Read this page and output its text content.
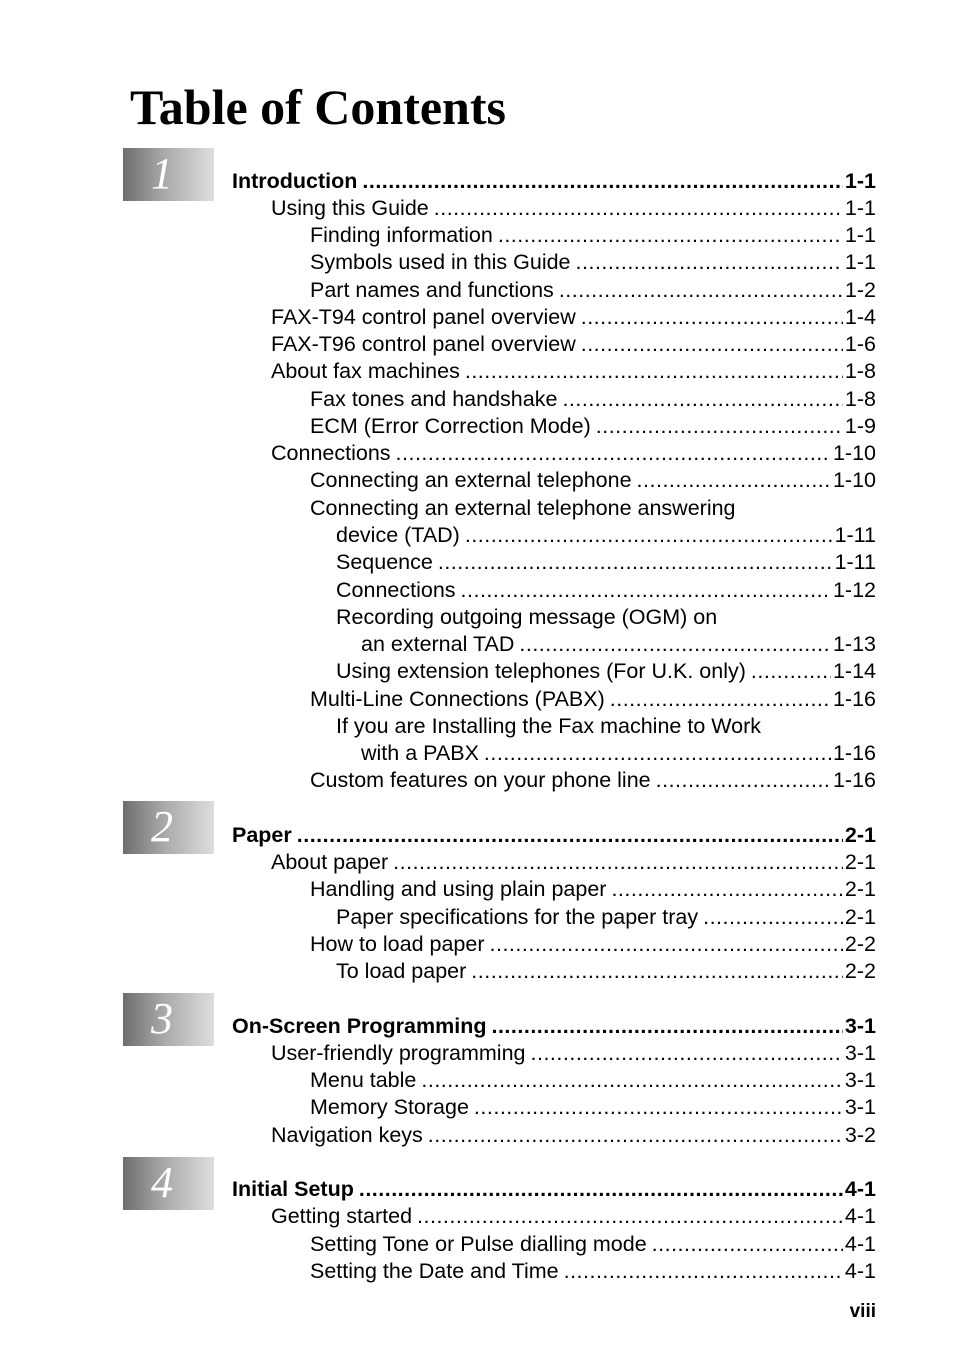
Table of Contents
1
2
3
4
Introduction .....	1-1
Using this Guide .....	1-1
Finding information .....	1-1
Symbols used in this Guide .....	1-1
Part names and functions .....	1-2
FAX-T94 control panel overview .....	1-4
FAX-T96 control panel overview .....	1-6
About fax machines .....	1-8
Fax tones and handshake .....	1-8
ECM (Error Correction Mode) .....	1-9
Connections .....	1-10
Connecting an external telephone .....	1-10
Connecting an external telephone answering
device (TAD) .....	1-11
Sequence .....	1-11
Connections .....	1-12
Recording outgoing message (OGM) on
an external TAD .....	1-13
Using extension telephones (For U.K. only) .....	1-14
Multi-Line Connections (PABX) .....	1-16
If you are Installing the Fax machine to Work
with a PABX .....	1-16
Custom features on your phone line .....	1-16
Paper .....	2-1
About paper .....	2-1
Handling and using plain paper .....	2-1
Paper specifications for the paper tray .....	2-1
How to load paper .....	2-2
To load paper .....	2-2
On-Screen Programming .....	3-1
User-friendly programming .....	3-1
Menu table .....	3-1
Memory Storage .....	3-1
Navigation keys .....	3-2
Initial Setup .....	4-1
Getting started .....	4-1
Setting Tone or Pulse dialling mode .....	4-1
Setting the Date and Time .....	4-1
viii
